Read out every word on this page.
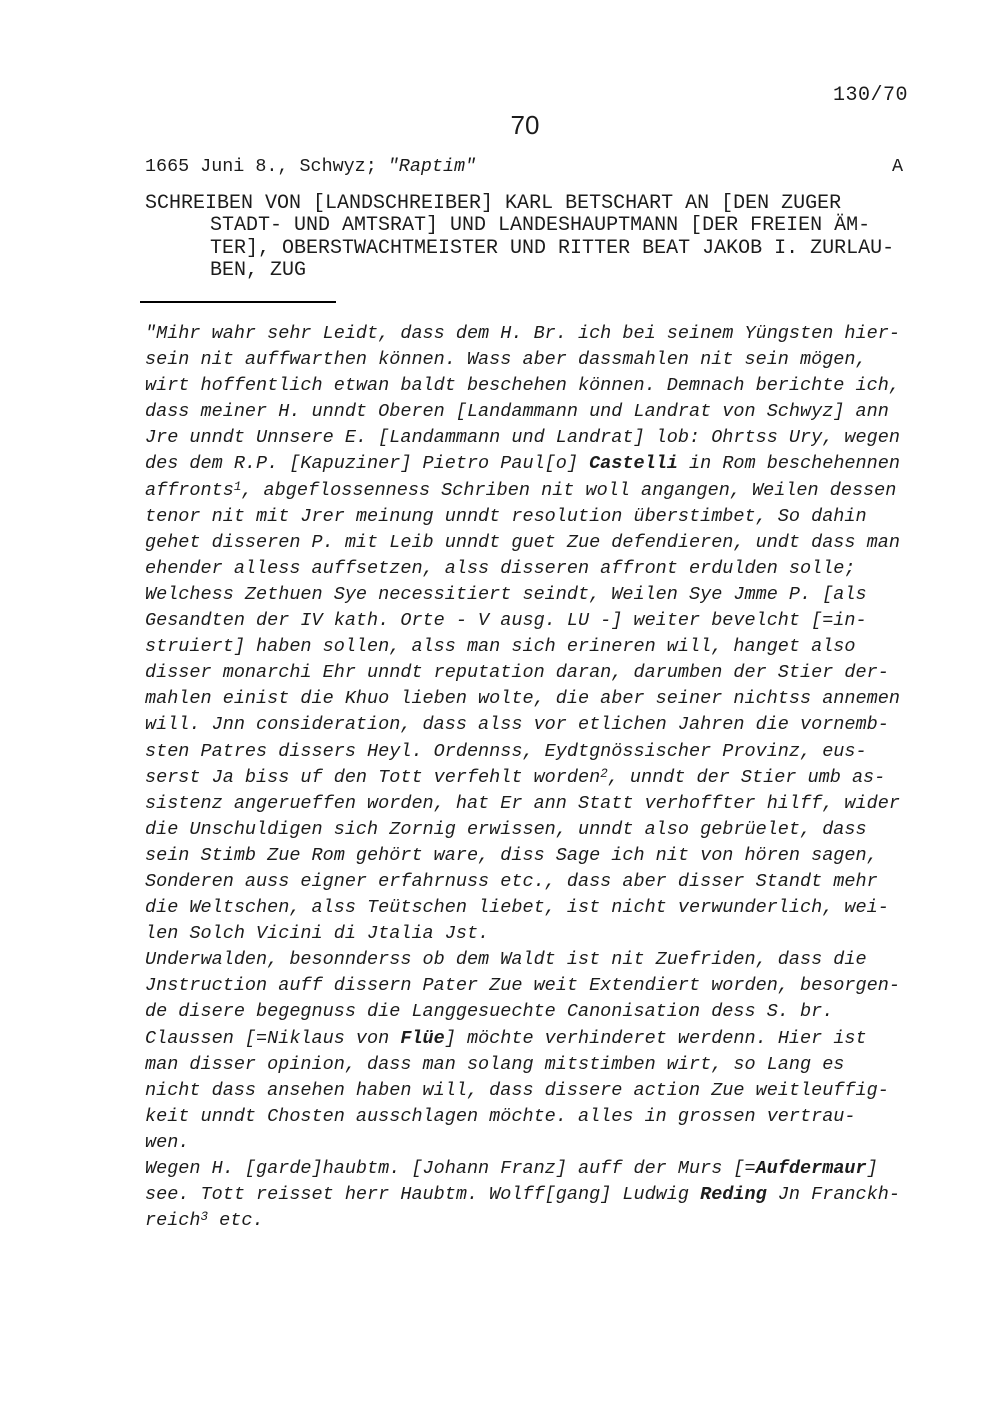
130/70
70
1665 Juni 8., Schwyz; "Raptim"	A
SCHREIBEN VON [LANDSCHREIBER] KARL BETSCHART AN [DEN ZUGER
STADT- UND AMTSRAT] UND LANDESHAUPTMANN [DER FREIEN ÄM-
TER], OBERSTWACHTMEISTER UND RITTER BEAT JAKOB I. ZURLAU-
BEN, ZUG
"Mihr wahr sehr Leidt, dass dem H. Br. ich bei seinem Yüngsten hier-
sein nit auffwarthen können. Wass aber dassmahlen nit sein mögen,
wirt hoffentlich etwan baldt beschehen können. Demnach berichte ich,
dass meiner H. unndt Oberen [Landammann und Landrat von Schwyz] ann
Jre unndt Unnsere E. [Landammann und Landrat] lob: Ohrtss Ury, wegen
des dem R.P. [Kapuziner] Pietro Paul[o] Castelli in Rom beschehennen
affronts$^1$, abgeflossenness Schriben nit woll angangen, Weilen dessen
tenor nit mit Jrer meinung unndt resolution überstimbet, So dahin
gehet disseren P. mit Leib unndt guet Zue defendieren, undt dass man
ehender alless auffsetzen, alss disseren affront erdulden solle;
Welchess Zethuen Sye necessitiert seindt, Weilen Sye Jmme P. [als
Gesandten der IV kath. Orte - V ausg. LU -] weiter bevelcht [=in-
struiert] haben sollen, alss man sich erineren will, hanget also
disser monarchi Ehr unndt reputation daran, darumben der Stier der-
mahlen einist die Khuo lieben wolte, die aber seiner nichtss annemen
will. Jnn consideration, dass alss vor etlichen Jahren die vornemb-
sten Patres dissers Heyl. Ordennss, Eydtgnössischer Provinz, eus-
serst Ja biss uf den Tott verfehlt worden$^2$, unndt der Stier umb as-
sistenz angerueffen worden, hat Er ann Statt verhoffter hilff, wider
die Unschuldigen sich Zornig erwissen, unndt also gebrüelet, dass
sein Stimb Zue Rom gehört ware, diss Sage ich nit von hören sagen,
Sonderen auss eigner erfahrnuss etc., dass aber disser Standt mehr
die Weltschen, alss Teütschen liebet, ist nicht verwunderlich, wei-
len Solch Vicini di Jtalia Jst.
Underwalden, besonnderss ob dem Waldt ist nit Zuefriden, dass die
Jnstruction auff dissern Pater Zue weit Extendiert worden, besorgen-
de disere begegnuss die Langgesuechte Canonisation dess S. br.
Claussen [=Niklaus von Flüe] möchte verhinderet werdenn. Hier ist
man disser opinion, dass man solang mitstimben wirt, so Lang es
nicht dass ansehen haben will, dass dissere action Zue weitleuffig-
keit unndt Chosten ausschlagen möchte. alles in grossen vertrau-
wen.
Wegen H. [garde]haubtm. [Johann Franz] auff der Murs [=Aufdermaur]
see. Tott reisset herr Haubtm. Wolff[gang] Ludwig Reding Jn Franckh-
reich$^3$ etc.
